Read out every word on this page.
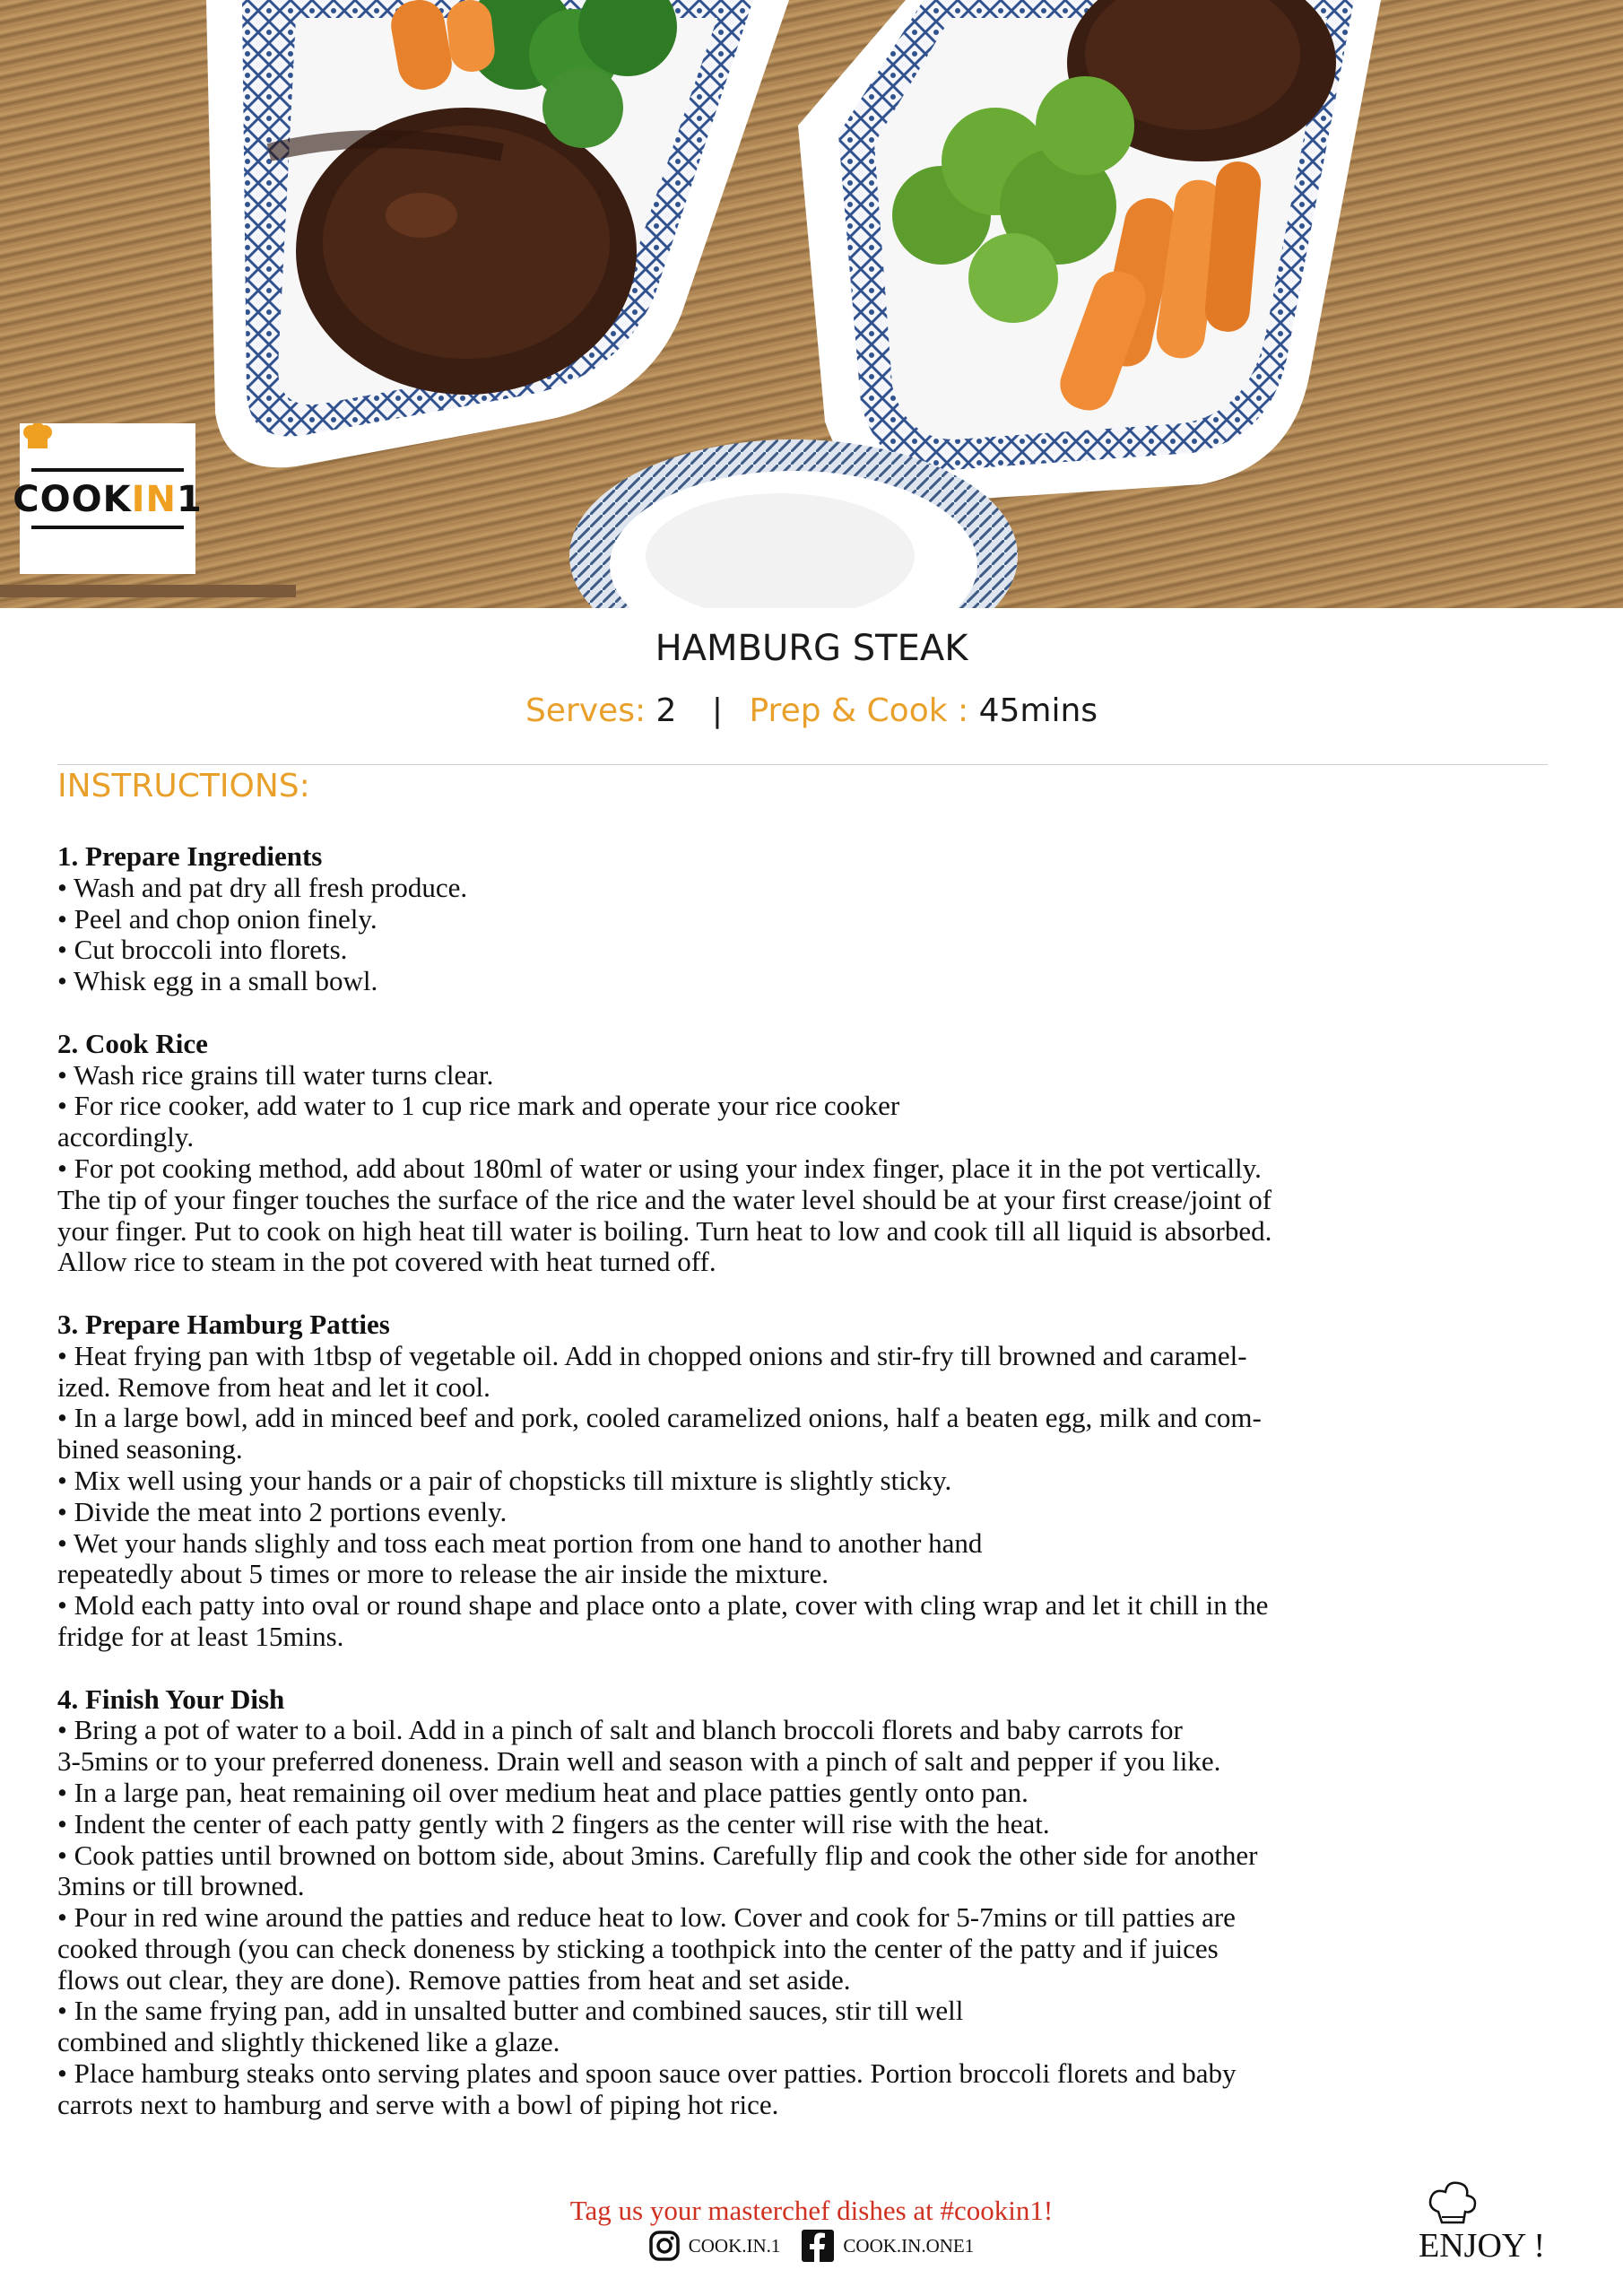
COOKIN1
HAMBURG STEAK
Serves: 2 | Prep & Cook : 45mins
INSTRUCTIONS:
1. Prepare Ingredients
• Wash and pat dry all fresh produce.
• Peel and chop onion finely.
• Cut broccoli into florets.
• Whisk egg in a small bowl.
2. Cook Rice
• Wash rice grains till water turns clear.
• For rice cooker, add water to 1 cup rice mark and operate your rice cooker
accordingly.
• For pot cooking method, add about 180ml of water or using your index finger, place it in the pot vertically.
The tip of your finger touches the surface of the rice and the water level should be at your first crease/joint of
your finger. Put to cook on high heat till water is boiling. Turn heat to low and cook till all liquid is absorbed.
Allow rice to steam in the pot covered with heat turned off.
3. Prepare Hamburg Patties
• Heat frying pan with 1tbsp of vegetable oil. Add in chopped onions and stir-fry till browned and caramel-
ized. Remove from heat and let it cool.
• In a large bowl, add in minced beef and pork, cooled caramelized onions, half a beaten egg, milk and com-
bined seasoning.
• Mix well using your hands or a pair of chopsticks till mixture is slightly sticky.
• Divide the meat into 2 portions evenly.
• Wet your hands slighly and toss each meat portion from one hand to another hand
repeatedly about 5 times or more to release the air inside the mixture.
• Mold each patty into oval or round shape and place onto a plate, cover with cling wrap and let it chill in the
fridge for at least 15mins.
4. Finish Your Dish
• Bring a pot of water to a boil. Add in a pinch of salt and blanch broccoli florets and baby carrots for
3-5mins or to your preferred doneness. Drain well and season with a pinch of salt and pepper if you like.
• In a large pan, heat remaining oil over medium heat and place patties gently onto pan.
• Indent the center of each patty gently with 2 fingers as the center will rise with the heat.
• Cook patties until browned on bottom side, about 3mins. Carefully flip and cook the other side for another
3mins or till browned.
• Pour in red wine around the patties and reduce heat to low. Cover and cook for 5-7mins or till patties are
cooked through (you can check doneness by sticking a toothpick into the center of the patty and if juices
flows out clear, they are done). Remove patties from heat and set aside.
• In the same frying pan, add in unsalted butter and combined sauces, stir till well
combined and slightly thickened like a glaze.
• Place hamburg steaks onto serving plates and spoon sauce over patties. Portion broccoli florets and baby
carrots next to hamburg and serve with a bowl of piping hot rice.
Tag us your masterchef dishes at #cookin1!
COOK.IN.1	COOK.IN.ONE1	ENJOY !
